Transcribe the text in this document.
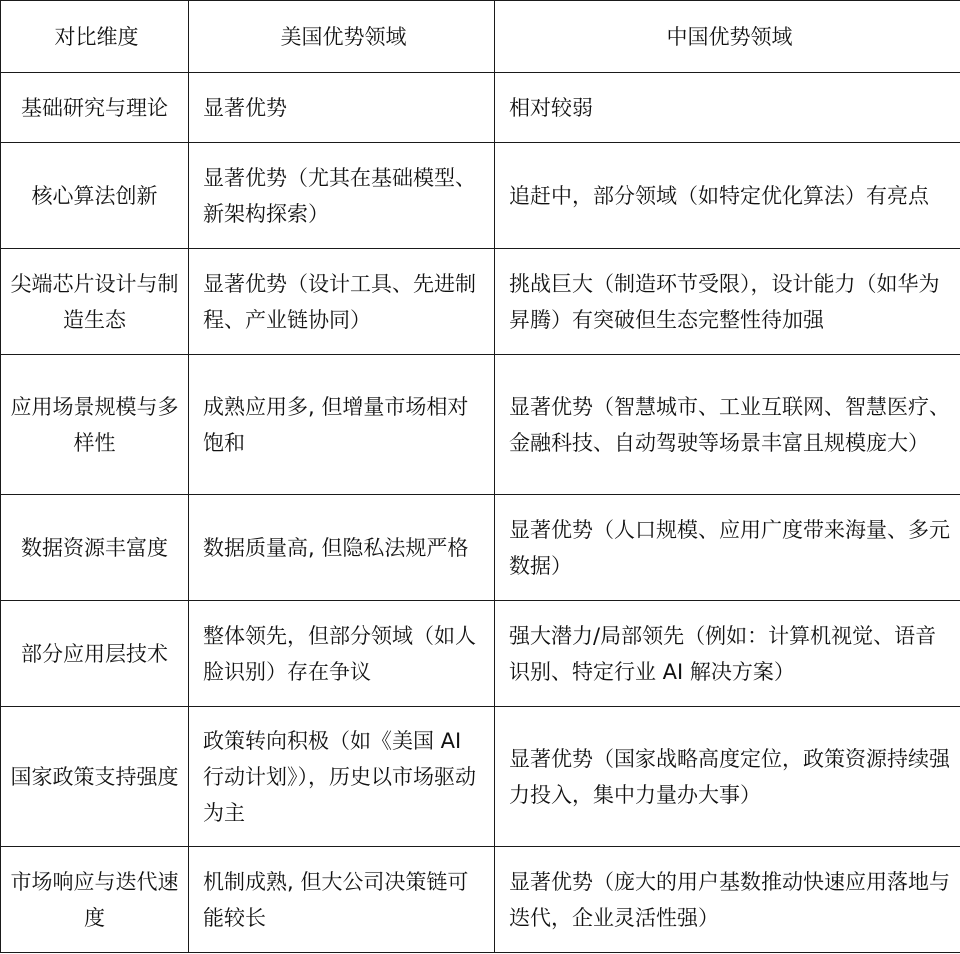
对比维度	美国优势领域	中国优势领域
基础研究与理论	显著优势	相对较弱
核心算法创新	显著优势（尤其在基础模型、新架构探索）	追赶中，部分领域（如特定优化算法）有亮点
尖端芯片设计与制造生态	显著优势（设计工具、先进制程、产业链协同）	挑战巨大（制造环节受限），设计能力（如华为昇腾）有突破但生态完整性待加强
应用场景规模与多样性	成熟应用多, 但增量市场相对饱和	显著优势（智慧城市、工业互联网、智慧医疗、金融科技、自动驾驶等场景丰富且规模庞大）
数据资源丰富度	数据质量高, 但隐私法规严格	显著优势（人口规模、应用广度带来海量、多元数据）
部分应用层技术	整体领先，但部分领域（如人脸识别）存在争议	强大潜力/局部领先（例如：计算机视觉、语音识别、特定行业 AI 解决方案）
国家政策支持强度	政策转向积极（如《美国 AI 行动计划》），历史以市场驱动为主	显著优势（国家战略高度定位，政策资源持续强力投入，集中力量办大事）
市场响应与迭代速度	机制成熟, 但大公司决策链可能较长	显著优势（庞大的用户基数推动快速应用落地与迭代，企业灵活性强）
